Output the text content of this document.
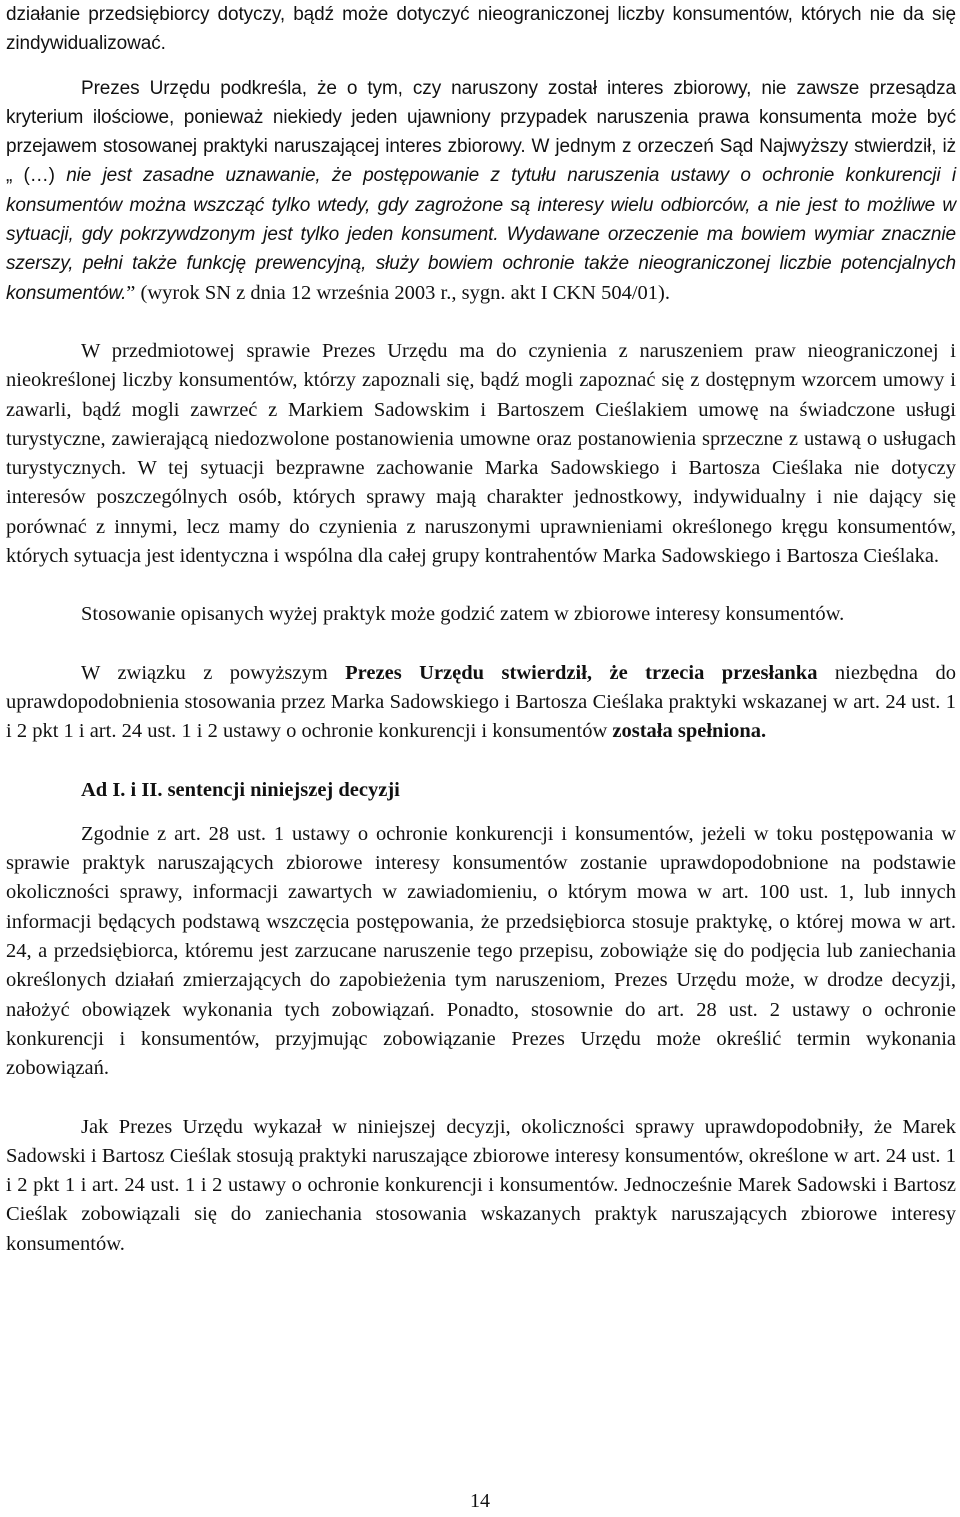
działanie przedsiębiorcy dotyczy, bądź może dotyczyć nieograniczonej liczby konsumentów, których nie da się zindywidualizować.

Prezes Urzędu podkreśla, że o tym, czy naruszony został interes zbiorowy, nie zawsze przesądza kryterium ilościowe, ponieważ niekiedy jeden ujawniony przypadek naruszenia prawa konsumenta może być przejawem stosowanej praktyki naruszającej interes zbiorowy. W jednym z orzeczeń Sąd Najwyższy stwierdził, iż „ (…) nie jest zasadne uznawanie, że postępowanie z tytułu naruszenia ustawy o ochronie konkurencji i konsumentów można wszcząć tylko wtedy, gdy zagrożone są interesy wielu odbiorców, a nie jest to możliwe w sytuacji, gdy pokrzywdzonym jest tylko jeden konsument. Wydawane orzeczenie ma bowiem wymiar znacznie szerszy, pełni także funkcję prewencyjną, służy bowiem ochronie także nieograniczonej liczbie potencjalnych konsumentów.” (wyrok SN z dnia 12 września 2003 r., sygn. akt I CKN 504/01).

W przedmiotowej sprawie Prezes Urzędu ma do czynienia z naruszeniem praw nieograniczonej i nieokreślonej liczby konsumentów, którzy zapoznali się, bądź mogli zapoznać się z dostępnym wzorcem umowy i zawarli, bądź mogli zawrzeć z Markiem Sadowskim i Bartoszem Cieślakiem umowę na świadczone usługi turystyczne, zawierającą niedozwolone postanowienia umowne oraz postanowienia sprzeczne z ustawą o usługach turystycznych. W tej sytuacji bezprawne zachowanie Marka Sadowskiego i Bartosza Cieślaka nie dotyczy interesów poszczególnych osób, których sprawy mają charakter jednostkowy, indywidualny i nie dający się porównać z innymi, lecz mamy do czynienia z naruszonymi uprawnieniami określonego kręgu konsumentów, których sytuacja jest identyczna i wspólna dla całej grupy kontrahentów Marka Sadowskiego i Bartosza Cieślaka.

Stosowanie opisanych wyżej praktyk może godzić zatem w zbiorowe interesy konsumentów.

W związku z powyższym Prezes Urzędu stwierdził, że trzecia przesłanka niezbędna do uprawdopodobnienia stosowania przez Marka Sadowskiego i Bartosza Cieślaka praktyki wskazanej w art. 24 ust. 1 i 2 pkt 1 i art. 24 ust. 1 i 2 ustawy o ochronie konkurencji i konsumentów została spełniona.

Ad I. i II. sentencji niniejszej decyzji

Zgodnie z art. 28 ust. 1 ustawy o ochronie konkurencji i konsumentów, jeżeli w toku postępowania w sprawie praktyk naruszających zbiorowe interesy konsumentów zostanie uprawdopodobnione na podstawie okoliczności sprawy, informacji zawartych w zawiadomieniu, o którym mowa w art. 100 ust. 1, lub innych informacji będących podstawą wszczęcia postępowania, że przedsiębiorca stosuje praktykę, o której mowa w art. 24, a przedsiębiorca, któremu jest zarzucane naruszenie tego przepisu, zobowiąże się do podjęcia lub zaniechania określonych działań zmierzających do zapobieżenia tym naruszeniom, Prezes Urzędu może, w drodze decyzji, nałożyć obowiązek wykonania tych zobowiązań. Ponadto, stosownie do art. 28 ust. 2 ustawy o ochronie konkurencji i konsumentów, przyjmując zobowiązanie Prezes Urzędu może określić termin wykonania zobowiązań.

Jak Prezes Urzędu wykazał w niniejszej decyzji, okoliczności sprawy uprawdopodobniły, że Marek Sadowski i Bartosz Cieślak stosują praktyki naruszające zbiorowe interesy konsumentów, określone w art. 24 ust. 1 i 2 pkt 1 i art. 24 ust. 1 i 2 ustawy o ochronie konkurencji i konsumentów. Jednocześnie Marek Sadowski i Bartosz Cieślak zobowiązali się do zaniechania stosowania wskazanych praktyk naruszających zbiorowe interesy konsumentów.

14
